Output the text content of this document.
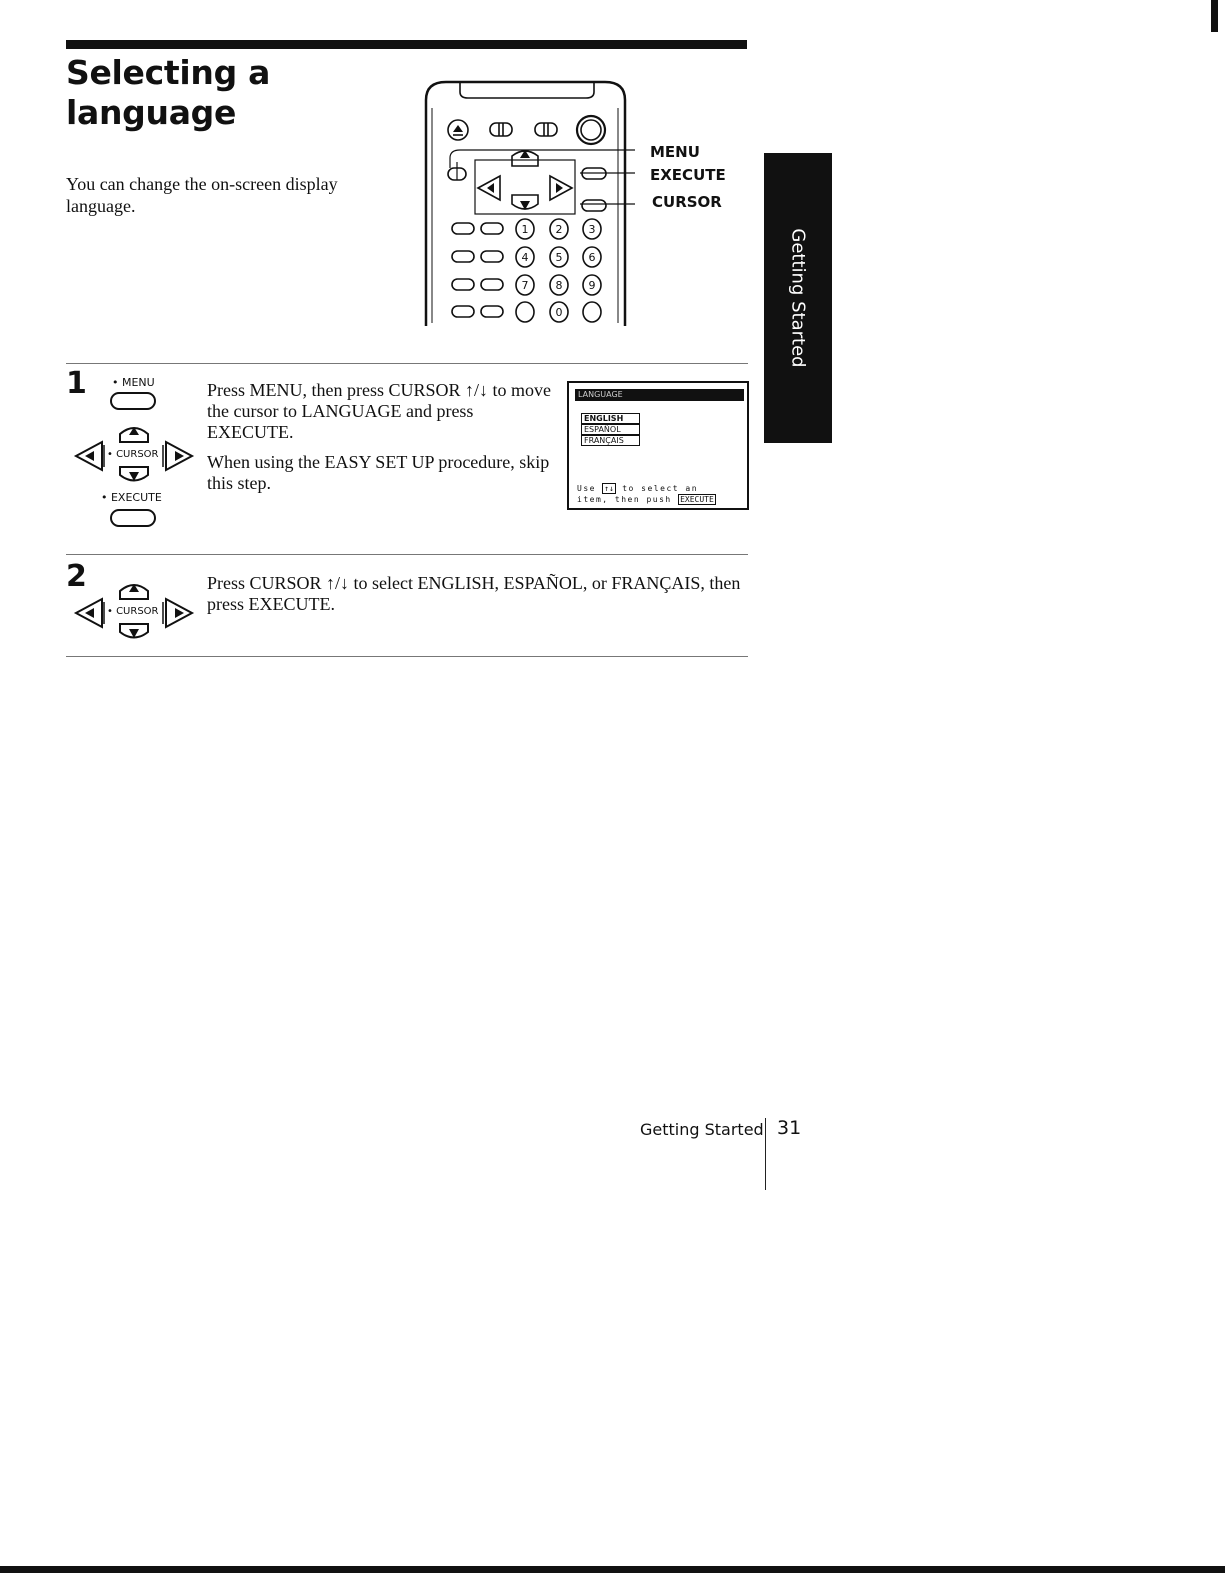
Selecting a
language

You can change the on-screen display language.

1 2 3
4 5 6
7 8 9
0
MENU
EXECUTE
CURSOR
Getting Started
1 • MENU
• CURSOR
• EXECUTE

Press MENU, then press CURSOR ↑/↓ to move the cursor to LANGUAGE and press EXECUTE.

When using the EASY SET UP procedure, skip this step.

LANGUAGE
ENGLISH
ESPAÑOL
FRANÇAIS
Use ↑↓ to select an
item, then push EXECUTE
2
• CURSOR

Press CURSOR ↑/↓ to select ENGLISH, ESPAÑOL, or FRANÇAIS, then press EXECUTE.

Getting Started 31
